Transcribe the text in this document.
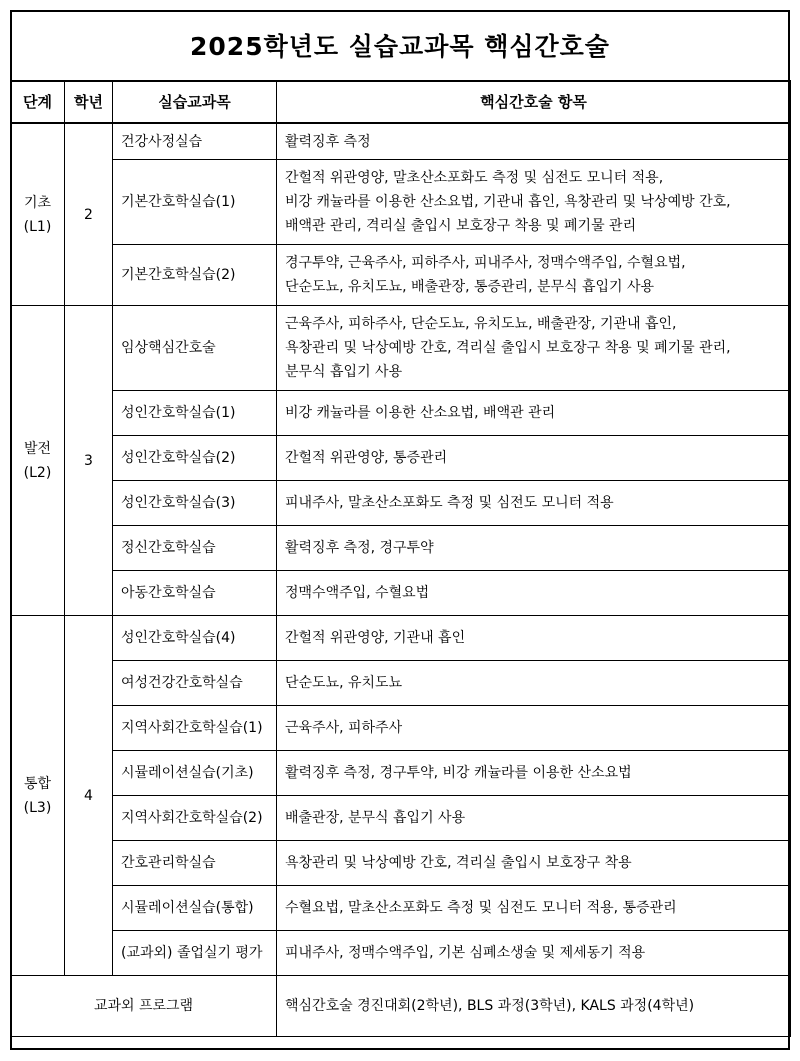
2025학년도 실습교과목 핵심간호술
단계	학년	실습교과목	핵심간호술 항목
기초
(L1)	2	건강사정실습	활력징후 측정
		기본간호학실습(1)	간헐적 위관영양, 말초산소포화도 측정 및 심전도 모니터 적용,
비강 캐뉼라를 이용한 산소요법, 기관내 흡인, 욕창관리 및 낙상예방 간호,
배액관 관리, 격리실 출입시 보호장구 착용 및 폐기물 관리
		기본간호학실습(2)	경구투약, 근육주사, 피하주사, 피내주사, 정맥수액주입, 수혈요법,
단순도뇨, 유치도뇨, 배출관장, 통증관리, 분무식 흡입기 사용
발전
(L2)	3	임상핵심간호술	근육주사, 피하주사, 단순도뇨, 유치도뇨, 배출관장, 기관내 흡인,
욕창관리 및 낙상예방 간호, 격리실 출입시 보호장구 착용 및 폐기물 관리,
분무식 흡입기 사용
		성인간호학실습(1)	비강 캐뉼라를 이용한 산소요법, 배액관 관리
		성인간호학실습(2)	간헐적 위관영양, 통증관리
		성인간호학실습(3)	피내주사, 말초산소포화도 측정 및 심전도 모니터 적용
		정신간호학실습	활력징후 측정, 경구투약
		아동간호학실습	정맥수액주입, 수혈요법
통합
(L3)	4	성인간호학실습(4)	간헐적 위관영양, 기관내 흡인
		여성건강간호학실습	단순도뇨, 유치도뇨
		지역사회간호학실습(1)	근육주사, 피하주사
		시뮬레이션실습(기초)	활력징후 측정, 경구투약, 비강 캐뉼라를 이용한 산소요법
		지역사회간호학실습(2)	배출관장, 분무식 흡입기 사용
		간호관리학실습	욕창관리 및 낙상예방 간호, 격리실 출입시 보호장구 착용
		시뮬레이션실습(통합)	수혈요법, 말초산소포화도 측정 및 심전도 모니터 적용, 통증관리
		(교과외) 졸업실기 평가	피내주사, 정맥수액주입, 기본 심폐소생술 및 제세동기 적용
교과외 프로그램			핵심간호술 경진대회(2학년), BLS 과정(3학년), KALS 과정(4학년)
